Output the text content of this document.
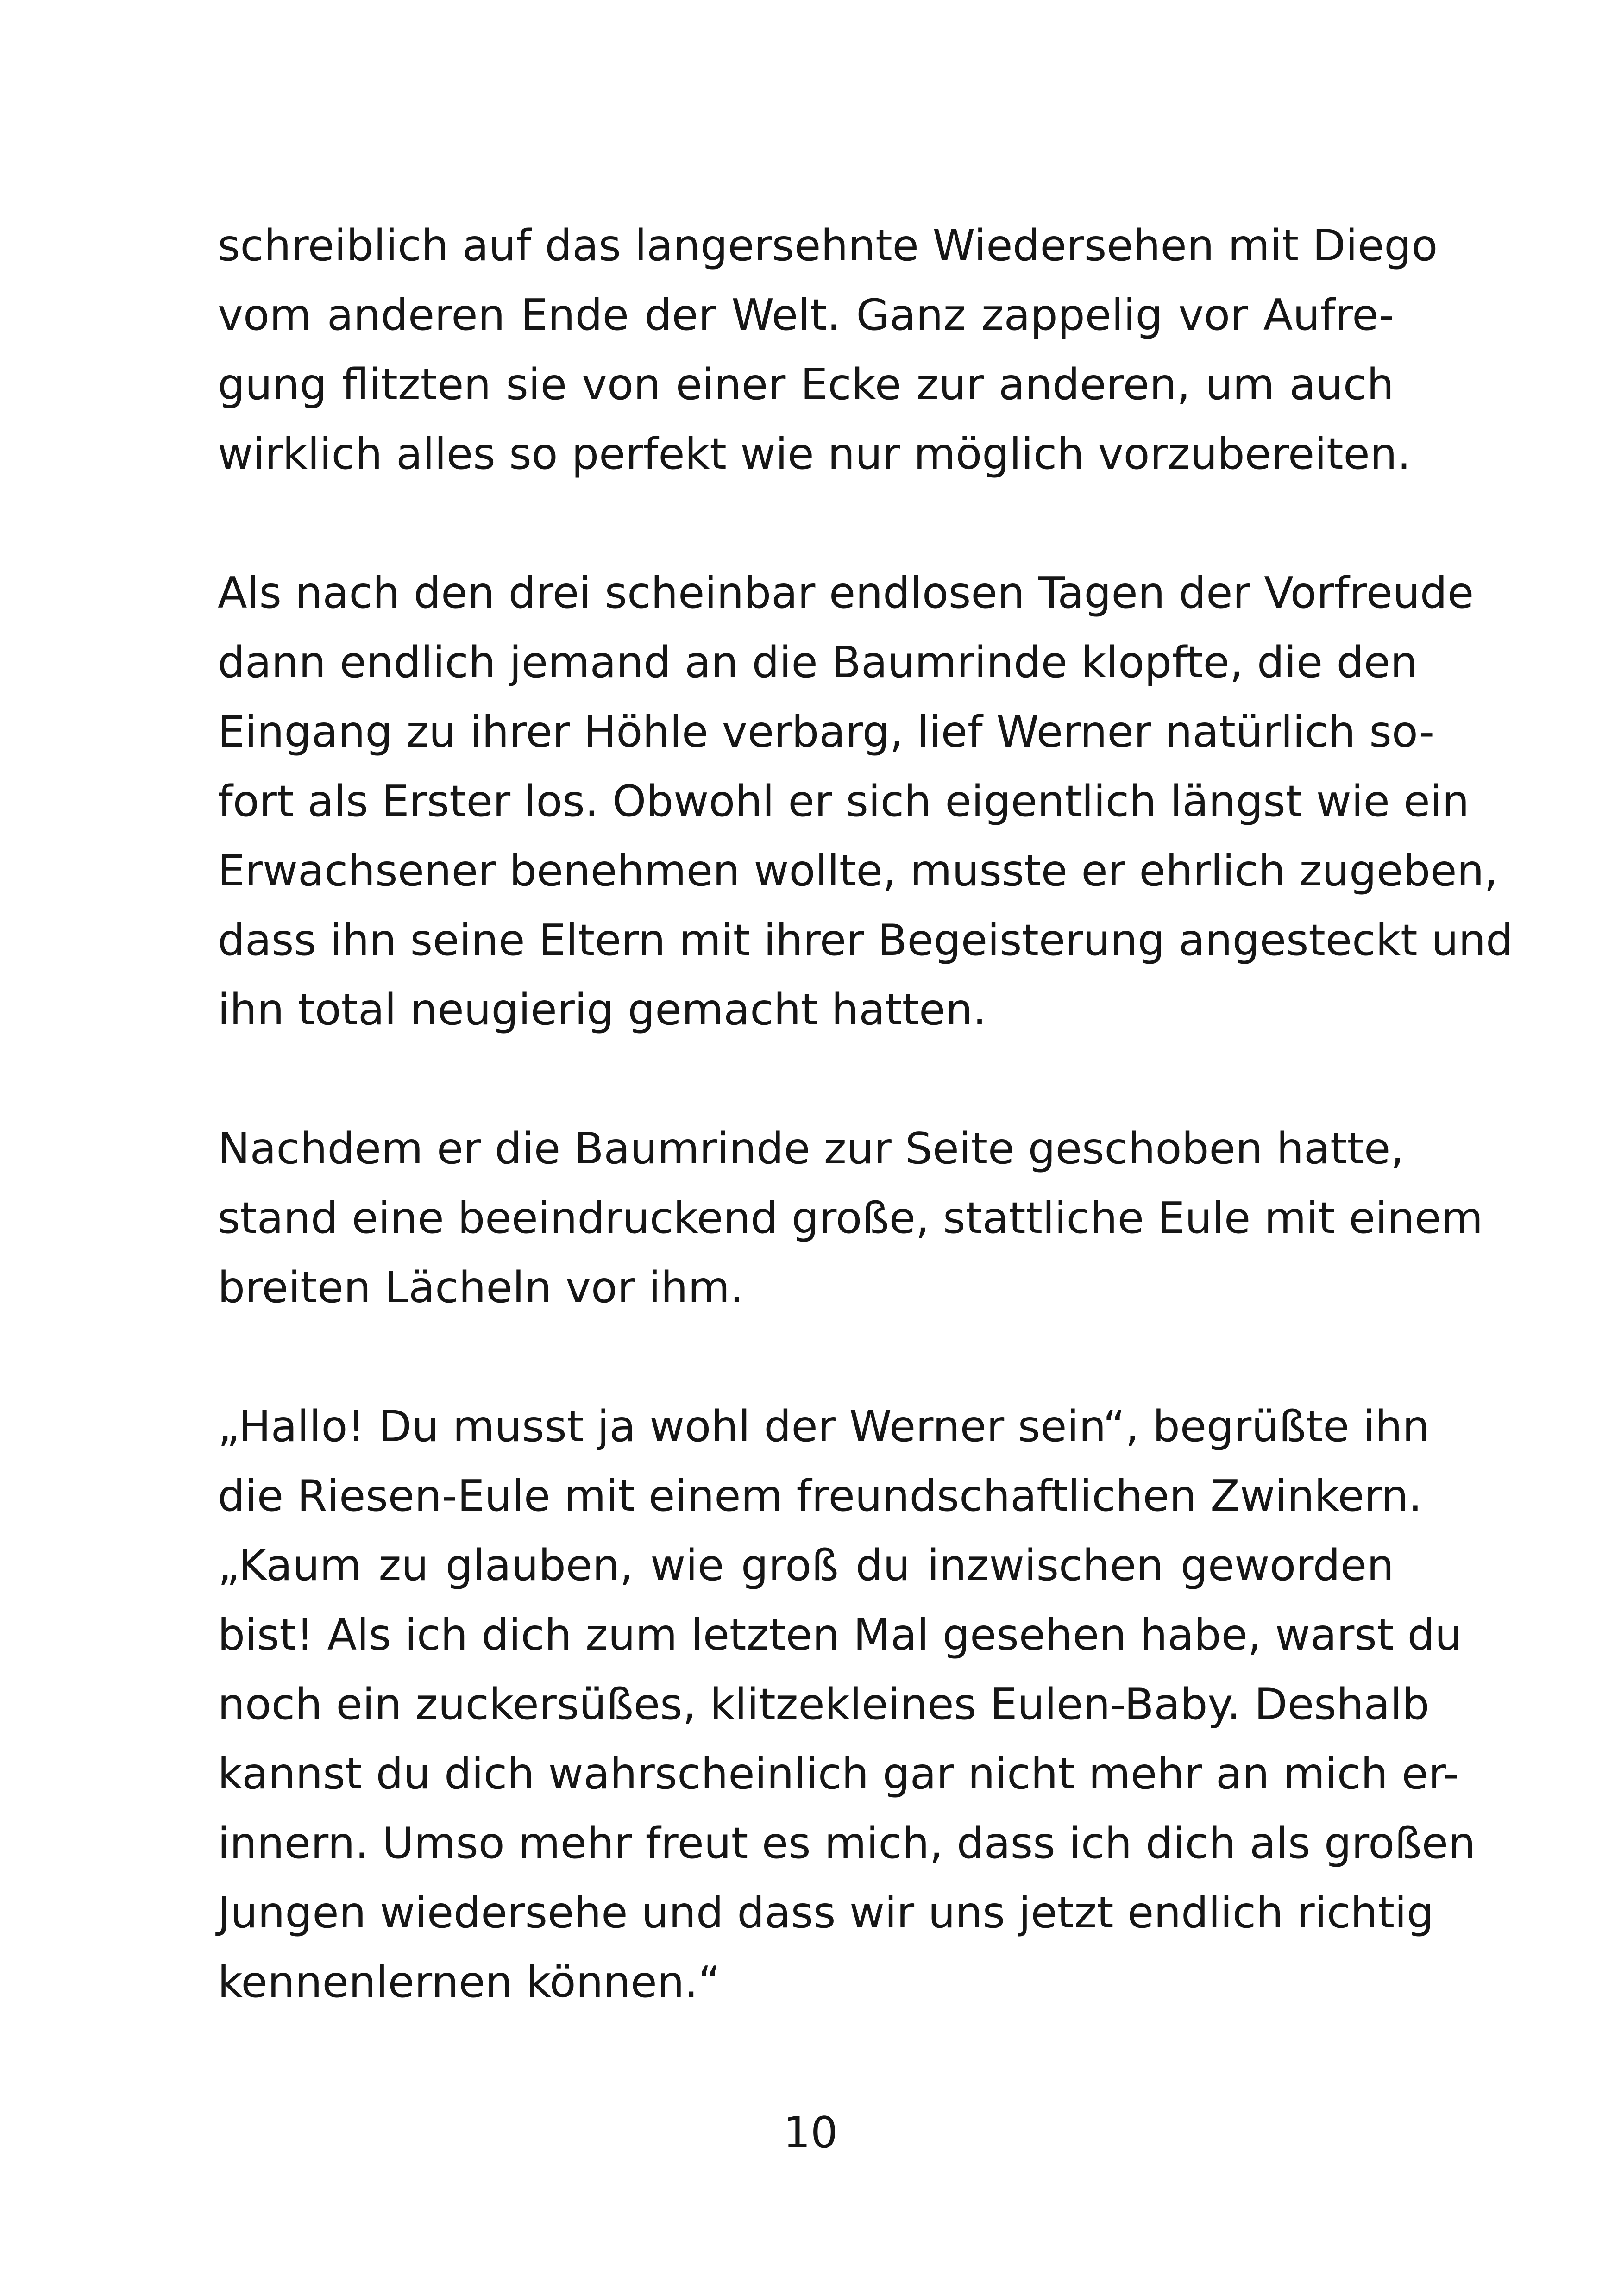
schreiblich auf das langersehnte Wiedersehen mit Diego
vom anderen Ende der Welt. Ganz zappelig vor Aufre-
gung flitzten sie von einer Ecke zur anderen, um auch
wirklich alles so perfekt wie nur möglich vorzubereiten.
Als nach den drei scheinbar endlosen Tagen der Vorfreude
dann endlich jemand an die Baumrinde klopfte, die den
Eingang zu ihrer Höhle verbarg, lief Werner natürlich so-
fort als Erster los. Obwohl er sich eigentlich längst wie ein
Erwachsener benehmen wollte, musste er ehrlich zugeben,
dass ihn seine Eltern mit ihrer Begeisterung angesteckt und
ihn total neugierig gemacht hatten.
Nachdem er die Baumrinde zur Seite geschoben hatte,
stand eine beeindruckend große, stattliche Eule mit einem
breiten Lächeln vor ihm.
„Hallo! Du musst ja wohl der Werner sein“, begrüßte ihn
die Riesen-Eule mit einem freundschaftlichen Zwinkern.
„Kaum zu glauben, wie groß du inzwischen geworden
bist! Als ich dich zum letzten Mal gesehen habe, warst du
noch ein zuckersüßes, klitzekleines Eulen-Baby. Deshalb
kannst du dich wahrscheinlich gar nicht mehr an mich er-
innern. Umso mehr freut es mich, dass ich dich als großen
Jungen wiedersehe und dass wir uns jetzt endlich richtig
kennenlernen können.“
10
